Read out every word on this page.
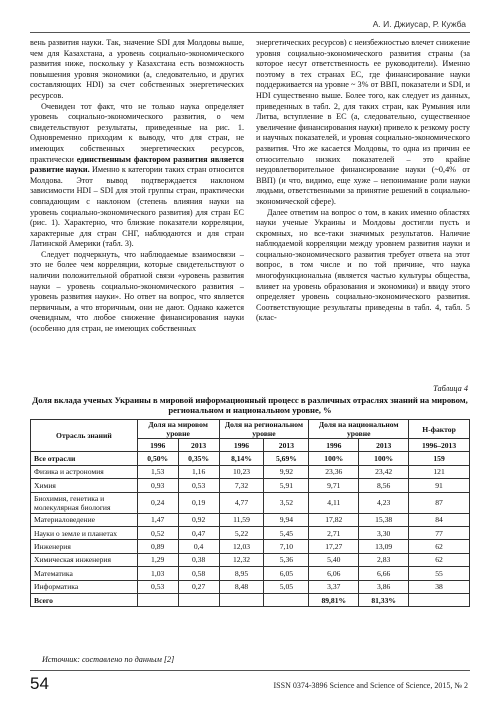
А. И. Джиусар, Р. Кужба

вень развития науки. Так, значение SDI для Молдовы выше, чем для Казахстана, а уровень социально-экономического развития ниже, поскольку у Казахстана есть возможность повышения уровня экономики (а, следовательно, и других составляющих HDI) за счет собственных энергетических ресурсов.

Очевиден тот факт, что не только наука определяет уровень социально-экономического развития, о чем свидетельствуют результаты, приведенные на рис. 1. Одновременно приходим к выводу, что для стран, не имеющих собственных энергетических ресурсов, практически единственным фактором развития является развитие науки. Именно к категории таких стран относится Молдова. Этот вывод подтверждается наклоном зависимости HDI – SDI для этой группы стран, практически совпадающим с наклоном (степень влияния науки на уровень социально-экономического развития) для стран ЕС (рис. 1). Характерно, что близкие показатели корреляции, характерные для стран СНГ, наблюдаются и для стран Латинской Америки (табл. 3).

Следует подчеркнуть, что наблюдаемые взаимосвязи – это не более чем корреляции, которые свидетельствуют о наличии положительной обратной связи «уровень развития науки – уровень социально-экономического развития – уровень развития науки». Но ответ на вопрос, что является первичным, а что вторичным, они не дают. Однако кажется очевидным, что любое снижение финансирования науки (особенно для стран, не имеющих собственных

энергетических ресурсов) с неизбежностью влечет снижение уровня социально-экономического развития страны (за которое несут ответственность ее руководители). Именно поэтому в тех странах ЕС, где финансирование науки поддерживается на уровне ~ 3% от ВВП, показатели и SDI, и HDI существенно выше. Более того, как следует из данных, приведенных в табл. 2, для таких стран, как Румыния или Литва, вступление в ЕС (а, следовательно, существенное увеличение финансирования науки) привело к резкому росту и научных показателей, и уровня социально-экономического развития. Что же касается Молдовы, то одна из причин ее относительно низких показателей – это крайне неудовлетворительное финансирование науки (~0,4% от ВВП) (и что, видимо, еще хуже – непонимание роли науки людьми, ответственными за принятие решений в социально-экономической сфере).

Далее ответим на вопрос о том, в каких именно областях науки ученые Украины и Молдовы достигли пусть и скромных, но все-таки значимых результатов. Наличие наблюдаемой корреляции между уровнем развития науки и социально-экономического развития требует ответа на этот вопрос, в том числе и по той причине, что наука многофункциональна (является частью культуры общества, влияет на уровень образования и экономики) и ввиду этого определяет уровень социально-экономического развития. Соответствующие результаты приведены в табл. 4, табл. 5 (клас-

Таблица 4
Доля вклада ученых Украины в мировой информационный процесс в различных отраслях знаний на мировом, региональном и национальном уровне, %
Отрасль знаний	Доля на мировом уровне		Доля на региональном уровне		Доля на национальном уровне		Н-фактор
	1996	2013	1996	2013	1996	2013	1996–2013
Все отрасли	0,50%	0,35%	8,14%	5,69%	100%	100%	159
Физика и астрономия	1,53	1,16	10,23	9,92	23,36	23,42	121
Химия	0,93	0,53	7,32	5,91	9,71	8,56	91
Биохимия, генетика и молекулярная биология	0,24	0,19	4,77	3,52	4,11	4,23	87
Материаловедение	1,47	0,92	11,59	9,94	17,82	15,38	84
Науки о земле и планетах	0,52	0,47	5,22	5,45	2,71	3,30	77
Инженерия	0,89	0,4	12,03	7,10	17,27	13,09	62
Химическая инженерия	1,29	0,38	12,32	5,36	5,40	2,83	62
Математика	1,03	0,58	8,95	6,05	6,06	6,66	55
Информатика	0,53	0,27	8,48	5,05	3,37	3,86	38
Всего					89,81%	81,33%	
Источник: составлено по данным [2]
54	ISSN 0374-3896 Science and Science of Science, 2015, № 2
